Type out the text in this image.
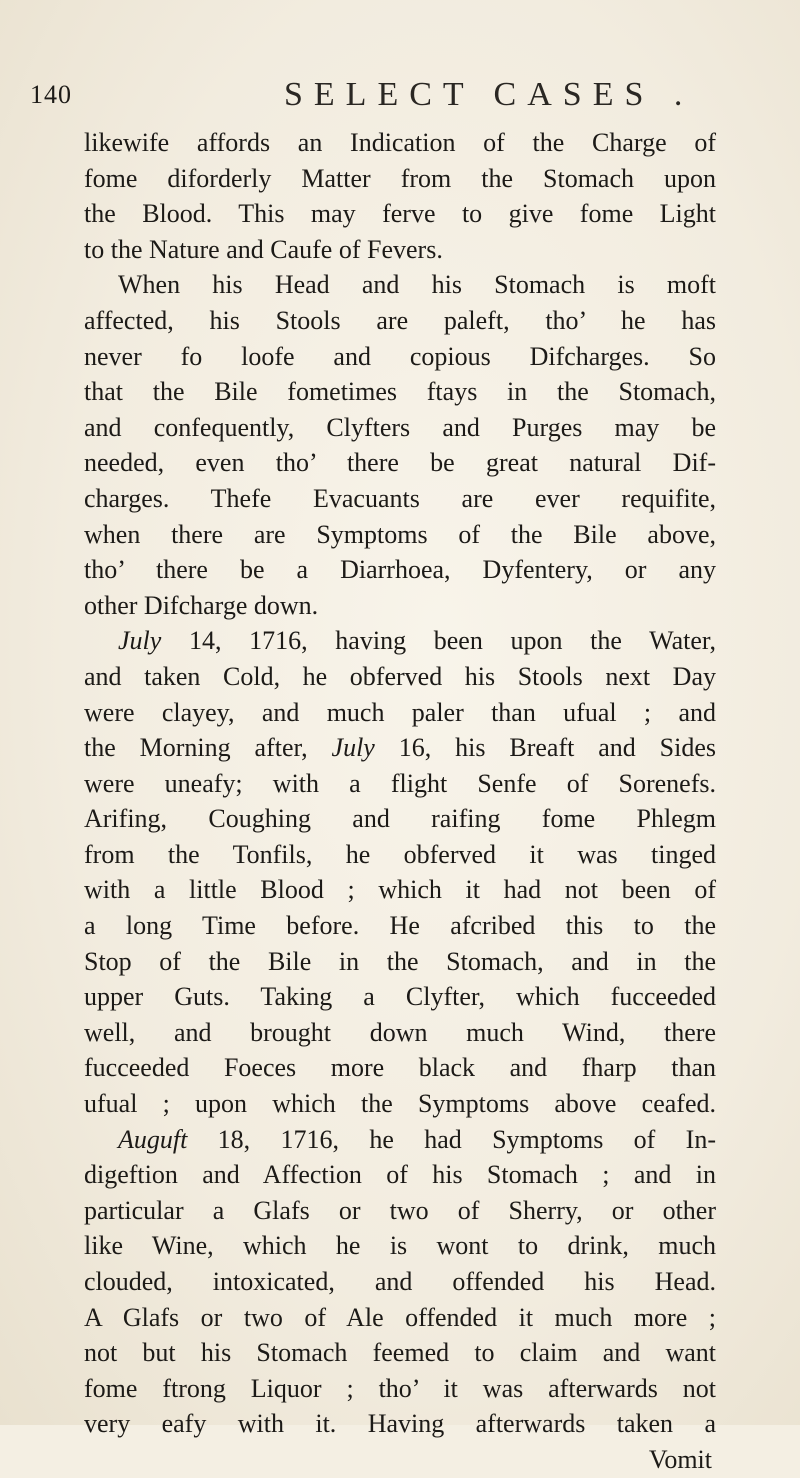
140	SELECT CASES .
likewife affords an Indication of the Charge of
fome diforderly Matter from the Stomach upon
the Blood. This may ferve to give fome Light
to the Nature and Caufe of Fevers.
When his Head and his Stomach is moft
affected, his Stools are paleft, tho’ he has
never fo loofe and copious Difcharges. So
that the Bile fometimes ftays in the Stomach,
and confequently, Clyfters and Purges may be
needed, even tho’ there be great natural Dif-
charges. Thefe Evacuants are ever requifite,
when there are Symptoms of the Bile above,
tho’ there be a Diarrhoea, Dyfentery, or any
other Difcharge down.
July 14, 1716, having been upon the Water,
and taken Cold, he obferved his Stools next Day
were clayey, and much paler than ufual ; and
the Morning after, July 16, his Breaft and Sides
were uneafy; with a flight Senfe of Sorenefs.
Arifing, Coughing and raifing fome Phlegm
from the Tonfils, he obferved it was tinged
with a little Blood ; which it had not been of
a long Time before. He afcribed this to the
Stop of the Bile in the Stomach, and in the
upper Guts. Taking a Clyfter, which fucceeded
well, and brought down much Wind, there
fucceeded Foeces more black and fharp than
ufual ; upon which the Symptoms above ceafed.
Auguft 18, 1716, he had Symptoms of In-
digeftion and Affection of his Stomach ; and in
particular a Glafs or two of Sherry, or other
like Wine, which he is wont to drink, much
clouded, intoxicated, and offended his Head.
A Glafs or two of Ale offended it much more ;
not but his Stomach feemed to claim and want
fome ftrong Liquor ; tho’ it was afterwards not
very eafy with it. Having afterwards taken a
Vomit
